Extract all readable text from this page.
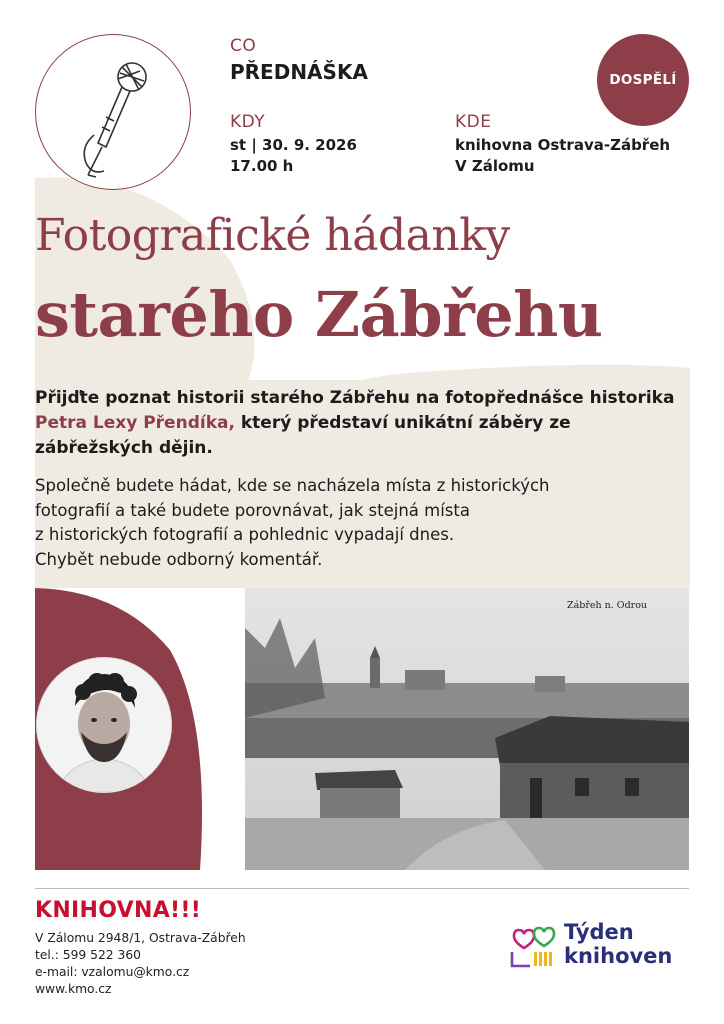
CO
PŘEDNÁŠKA
KDY
st | 30. 9. 2026
17.00 h
KDE
knihovna Ostrava-Zábřeh
V Zálomu
DOSPĚLÍ
Fotografické hádanky
starého Zábřehu
Přijďte poznat historii starého Zábřehu na fotopřednášce historika Petra Lexy Přendíka, který představí unikátní záběry ze zábřežských dějin.
Společně budete hádat, kde se nacházela místa z historických
fotografií a také budete porovnávat, jak stejná místa
z historických fotografií a pohlednic vypadají dnes.
Chybět nebude odborný komentář.
Zábřeh n. Odrou
KNIHOVNA!!!
V Zálomu 2948/1, Ostrava-Zábřeh
tel.: 599 522 360
e-mail: vzalomu@kmo.cz
www.kmo.cz
Týden
knihoven
